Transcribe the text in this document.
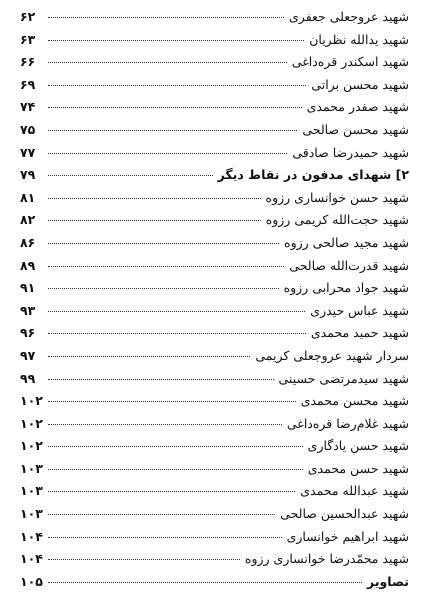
شهید عروجعلی جعفری
۶۲
شهید یدالله نظریان
۶۳
شهید اسکندر قره‌داغی
۶۶
شهید محسن براتی
۶۹
شهید صفدر محمدی
۷۴
شهید محسن صالحی
۷۵
شهید حمیدرضا صادقی
۷۷
۲] شهدای مدفون در نقاط دیگر
۷۹
شهید حسن خوانساری رزوه
۸۱
شهید حجت‌الله کریمی رزوه
۸۲
شهید مجید صالحی رزوه
۸۶
شهید قدرت‌الله صالحی
۸۹
شهید جواد محرابی رزوه
۹۱
شهید عباس حیدری
۹۳
شهید حمید محمدی
۹۶
سردار شهید عروجعلی کریمی
۹۷
شهید سیدمرتضی حسینی
۹۹
شهید محسن محمدی
۱۰۲
شهید غلام‌رضا قره‌داغی
۱۰۲
شهید حسن یادگاری
۱۰۲
شهید حسن محمدی
۱۰۳
شهید عبدالله محمدی
۱۰۳
شهید عبدالحسین صالحی
۱۰۳
شهید ابراهیم خوانساری
۱۰۴
شهید محمّدرضا خوانساری رزوه
۱۰۴
تصاویر
۱۰۵
